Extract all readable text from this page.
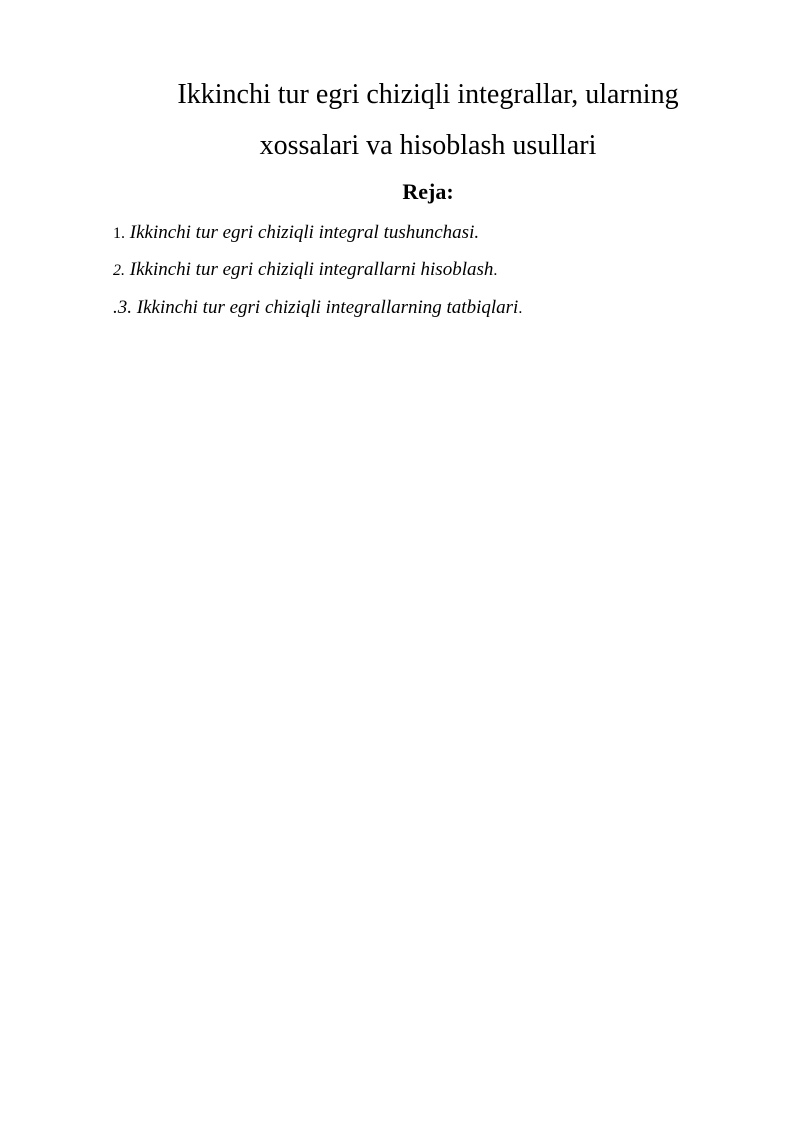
Ikkinchi tur egri chiziqli integrallar, ularning
xossalari va hisoblash usullari
Reja:
1. Ikkinchi tur egri chiziqli integral tushunchasi.
2. Ikkinchi tur egri chiziqli integrallarni hisoblash.
.3. Ikkinchi tur egri chiziqli integrallarning tatbiqlari.
